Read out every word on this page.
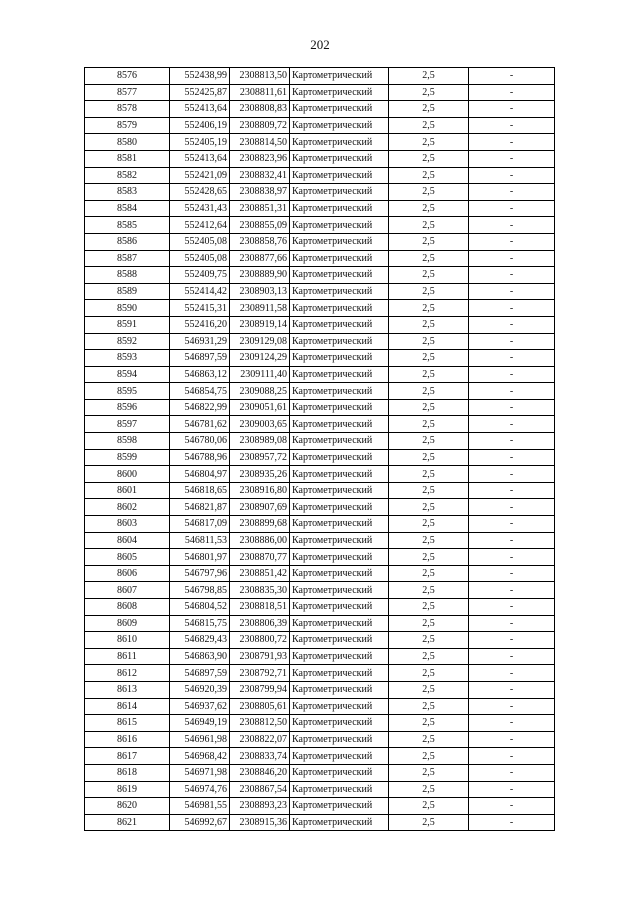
202
8576	552438,99	2308813,50	Картометрический	2,5	-
8577	552425,87	2308811,61	Картометрический	2,5	-
8578	552413,64	2308808,83	Картометрический	2,5	-
8579	552406,19	2308809,72	Картометрический	2,5	-
8580	552405,19	2308814,50	Картометрический	2,5	-
8581	552413,64	2308823,96	Картометрический	2,5	-
8582	552421,09	2308832,41	Картометрический	2,5	-
8583	552428,65	2308838,97	Картометрический	2,5	-
8584	552431,43	2308851,31	Картометрический	2,5	-
8585	552412,64	2308855,09	Картометрический	2,5	-
8586	552405,08	2308858,76	Картометрический	2,5	-
8587	552405,08	2308877,66	Картометрический	2,5	-
8588	552409,75	2308889,90	Картометрический	2,5	-
8589	552414,42	2308903,13	Картометрический	2,5	-
8590	552415,31	2308911,58	Картометрический	2,5	-
8591	552416,20	2308919,14	Картометрический	2,5	-
8592	546931,29	2309129,08	Картометрический	2,5	-
8593	546897,59	2309124,29	Картометрический	2,5	-
8594	546863,12	2309111,40	Картометрический	2,5	-
8595	546854,75	2309088,25	Картометрический	2,5	-
8596	546822,99	2309051,61	Картометрический	2,5	-
8597	546781,62	2309003,65	Картометрический	2,5	-
8598	546780,06	2308989,08	Картометрический	2,5	-
8599	546788,96	2308957,72	Картометрический	2,5	-
8600	546804,97	2308935,26	Картометрический	2,5	-
8601	546818,65	2308916,80	Картометрический	2,5	-
8602	546821,87	2308907,69	Картометрический	2,5	-
8603	546817,09	2308899,68	Картометрический	2,5	-
8604	546811,53	2308886,00	Картометрический	2,5	-
8605	546801,97	2308870,77	Картометрический	2,5	-
8606	546797,96	2308851,42	Картометрический	2,5	-
8607	546798,85	2308835,30	Картометрический	2,5	-
8608	546804,52	2308818,51	Картометрический	2,5	-
8609	546815,75	2308806,39	Картометрический	2,5	-
8610	546829,43	2308800,72	Картометрический	2,5	-
8611	546863,90	2308791,93	Картометрический	2,5	-
8612	546897,59	2308792,71	Картометрический	2,5	-
8613	546920,39	2308799,94	Картометрический	2,5	-
8614	546937,62	2308805,61	Картометрический	2,5	-
8615	546949,19	2308812,50	Картометрический	2,5	-
8616	546961,98	2308822,07	Картометрический	2,5	-
8617	546968,42	2308833,74	Картометрический	2,5	-
8618	546971,98	2308846,20	Картометрический	2,5	-
8619	546974,76	2308867,54	Картометрический	2,5	-
8620	546981,55	2308893,23	Картометрический	2,5	-
8621	546992,67	2308915,36	Картометрический	2,5	-
